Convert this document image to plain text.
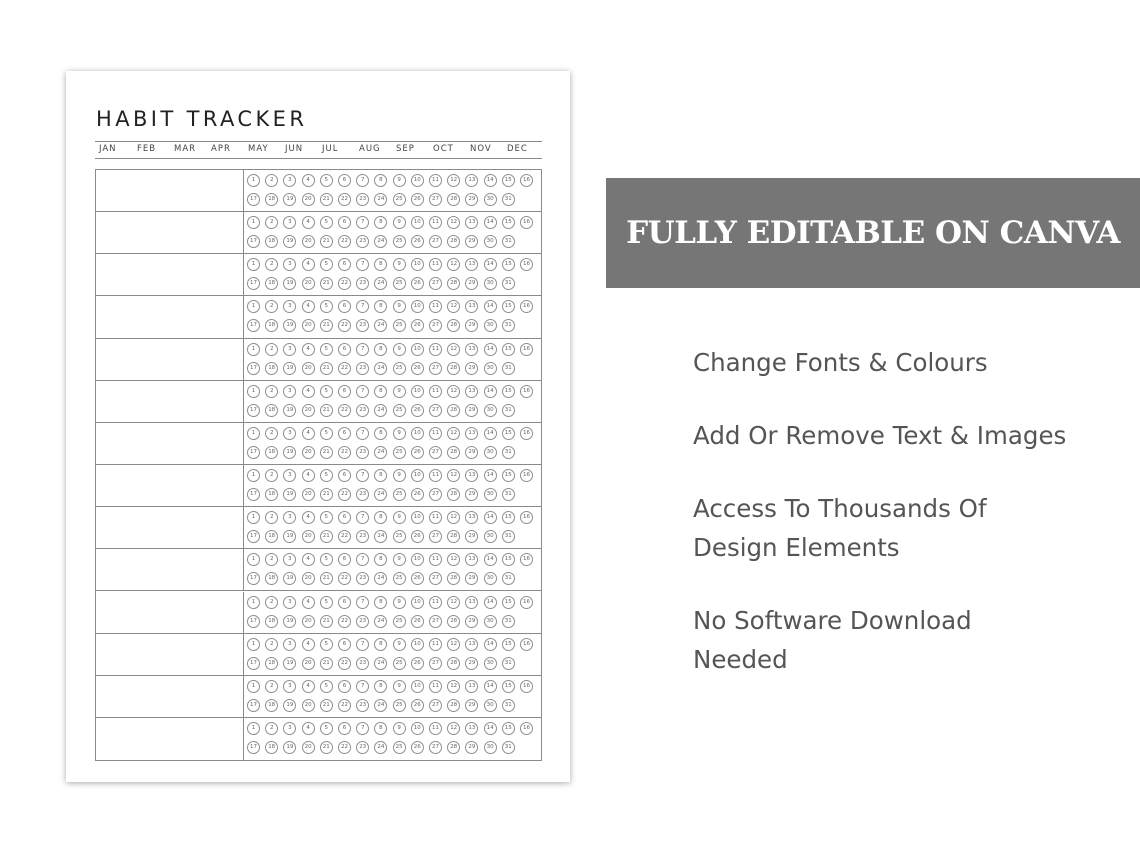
HABIT TRACKER
JAN FEB MAR APR MAY JUN JUL AUG SEP OCT NOV DEC
1	2	3	4	5	6	7	8	9	10	11	12	13	14	15	16
17	18	19	20	21	22	23	24	25	26	27	28	29	30	31
1	2	3	4	5	6	7	8	9	10	11	12	13	14	15	16
17	18	19	20	21	22	23	24	25	26	27	28	29	30	31
1	2	3	4	5	6	7	8	9	10	11	12	13	14	15	16
17	18	19	20	21	22	23	24	25	26	27	28	29	30	31
1	2	3	4	5	6	7	8	9	10	11	12	13	14	15	16
17	18	19	20	21	22	23	24	25	26	27	28	29	30	31
1	2	3	4	5	6	7	8	9	10	11	12	13	14	15	16
17	18	19	20	21	22	23	24	25	26	27	28	29	30	31
1	2	3	4	5	6	7	8	9	10	11	12	13	14	15	16
17	18	19	20	21	22	23	24	25	26	27	28	29	30	31
1	2	3	4	5	6	7	8	9	10	11	12	13	14	15	16
17	18	19	20	21	22	23	24	25	26	27	28	29	30	31
1	2	3	4	5	6	7	8	9	10	11	12	13	14	15	16
17	18	19	20	21	22	23	24	25	26	27	28	29	30	31
1	2	3	4	5	6	7	8	9	10	11	12	13	14	15	16
17	18	19	20	21	22	23	24	25	26	27	28	29	30	31
1	2	3	4	5	6	7	8	9	10	11	12	13	14	15	16
17	18	19	20	21	22	23	24	25	26	27	28	29	30	31
1	2	3	4	5	6	7	8	9	10	11	12	13	14	15	16
17	18	19	20	21	22	23	24	25	26	27	28	29	30	31
1	2	3	4	5	6	7	8	9	10	11	12	13	14	15	16
17	18	19	20	21	22	23	24	25	26	27	28	29	30	31
1	2	3	4	5	6	7	8	9	10	11	12	13	14	15	16
17	18	19	20	21	22	23	24	25	26	27	28	29	30	31
1	2	3	4	5	6	7	8	9	10	11	12	13	14	15	16
17	18	19	20	21	22	23	24	25	26	27	28	29	30	31
FULLY EDITABLE ON CANVA

Change Fonts & Colours

Add Or Remove Text & Images

Access To Thousands Of Design Elements

No Software Download Needed
